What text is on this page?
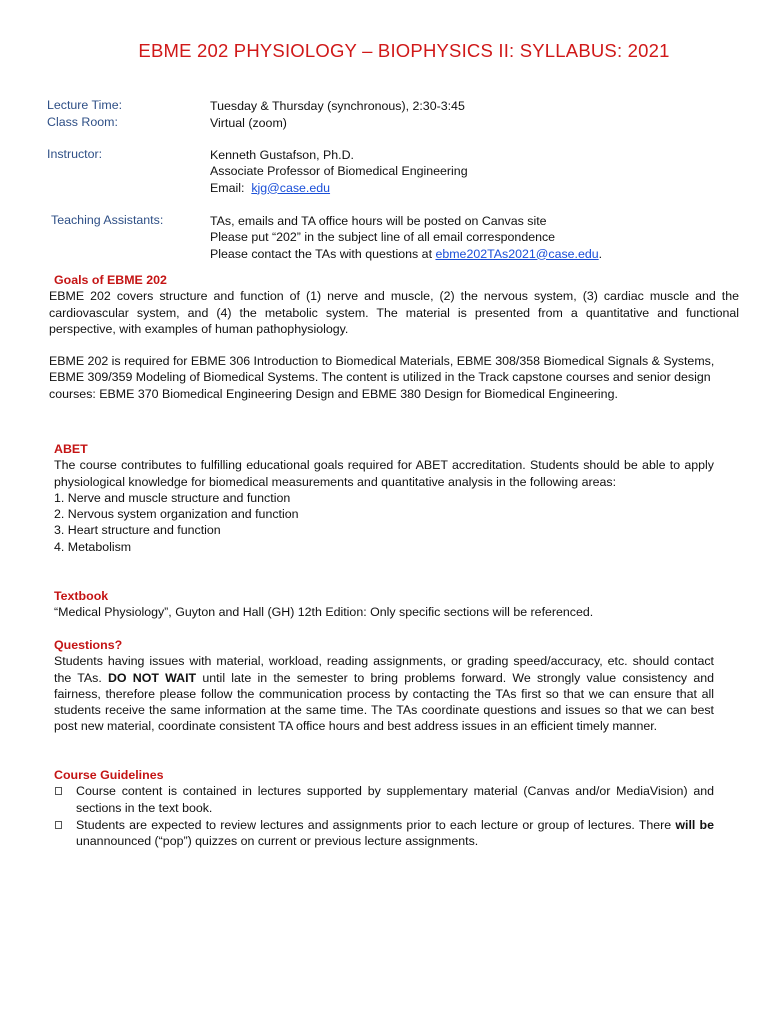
EBME 202 PHYSIOLOGY – BIOPHYSICS II: SYLLABUS: 2021
Lecture Time:	Tuesday & Thursday (synchronous), 2:30-3:45
Class Room:	Virtual (zoom)
Instructor:	Kenneth Gustafson, Ph.D.
Associate Professor of Biomedical Engineering
Email: kjg@case.edu
Teaching Assistants:	TAs, emails and TA office hours will be posted on Canvas site
Please put “202” in the subject line of all email correspondence
Please contact the TAs with questions at ebme202TAs2021@case.edu.
Goals of EBME 202
EBME 202 covers structure and function of (1) nerve and muscle, (2) the nervous system, (3) cardiac muscle and the cardiovascular system, and (4) the metabolic system. The material is presented from a quantitative and functional perspective, with examples of human pathophysiology.
EBME 202 is required for EBME 306 Introduction to Biomedical Materials, EBME 308/358 Biomedical Signals & Systems, EBME 309/359 Modeling of Biomedical Systems. The content is utilized in the Track capstone courses and senior design courses: EBME 370 Biomedical Engineering Design and EBME 380 Design for Biomedical Engineering.
ABET
The course contributes to fulfilling educational goals required for ABET accreditation. Students should be able to apply physiological knowledge for biomedical measurements and quantitative analysis in the following areas:
1. Nerve and muscle structure and function
2. Nervous system organization and function
3. Heart structure and function
4. Metabolism
Textbook
“Medical Physiology”, Guyton and Hall (GH) 12th Edition: Only specific sections will be referenced.
Questions?
Students having issues with material, workload, reading assignments, or grading speed/accuracy, etc. should contact the TAs. DO NOT WAIT until late in the semester to bring problems forward. We strongly value consistency and fairness, therefore please follow the communication process by contacting the TAs first so that we can ensure that all students receive the same information at the same time. The TAs coordinate questions and issues so that we can best post new material, coordinate consistent TA office hours and best address issues in an efficient timely manner.
Course Guidelines
Course content is contained in lectures supported by supplementary material (Canvas and/or MediaVision) and sections in the text book.
Students are expected to review lectures and assignments prior to each lecture or group of lectures. There will be unannounced (“pop”) quizzes on current or previous lecture assignments.
